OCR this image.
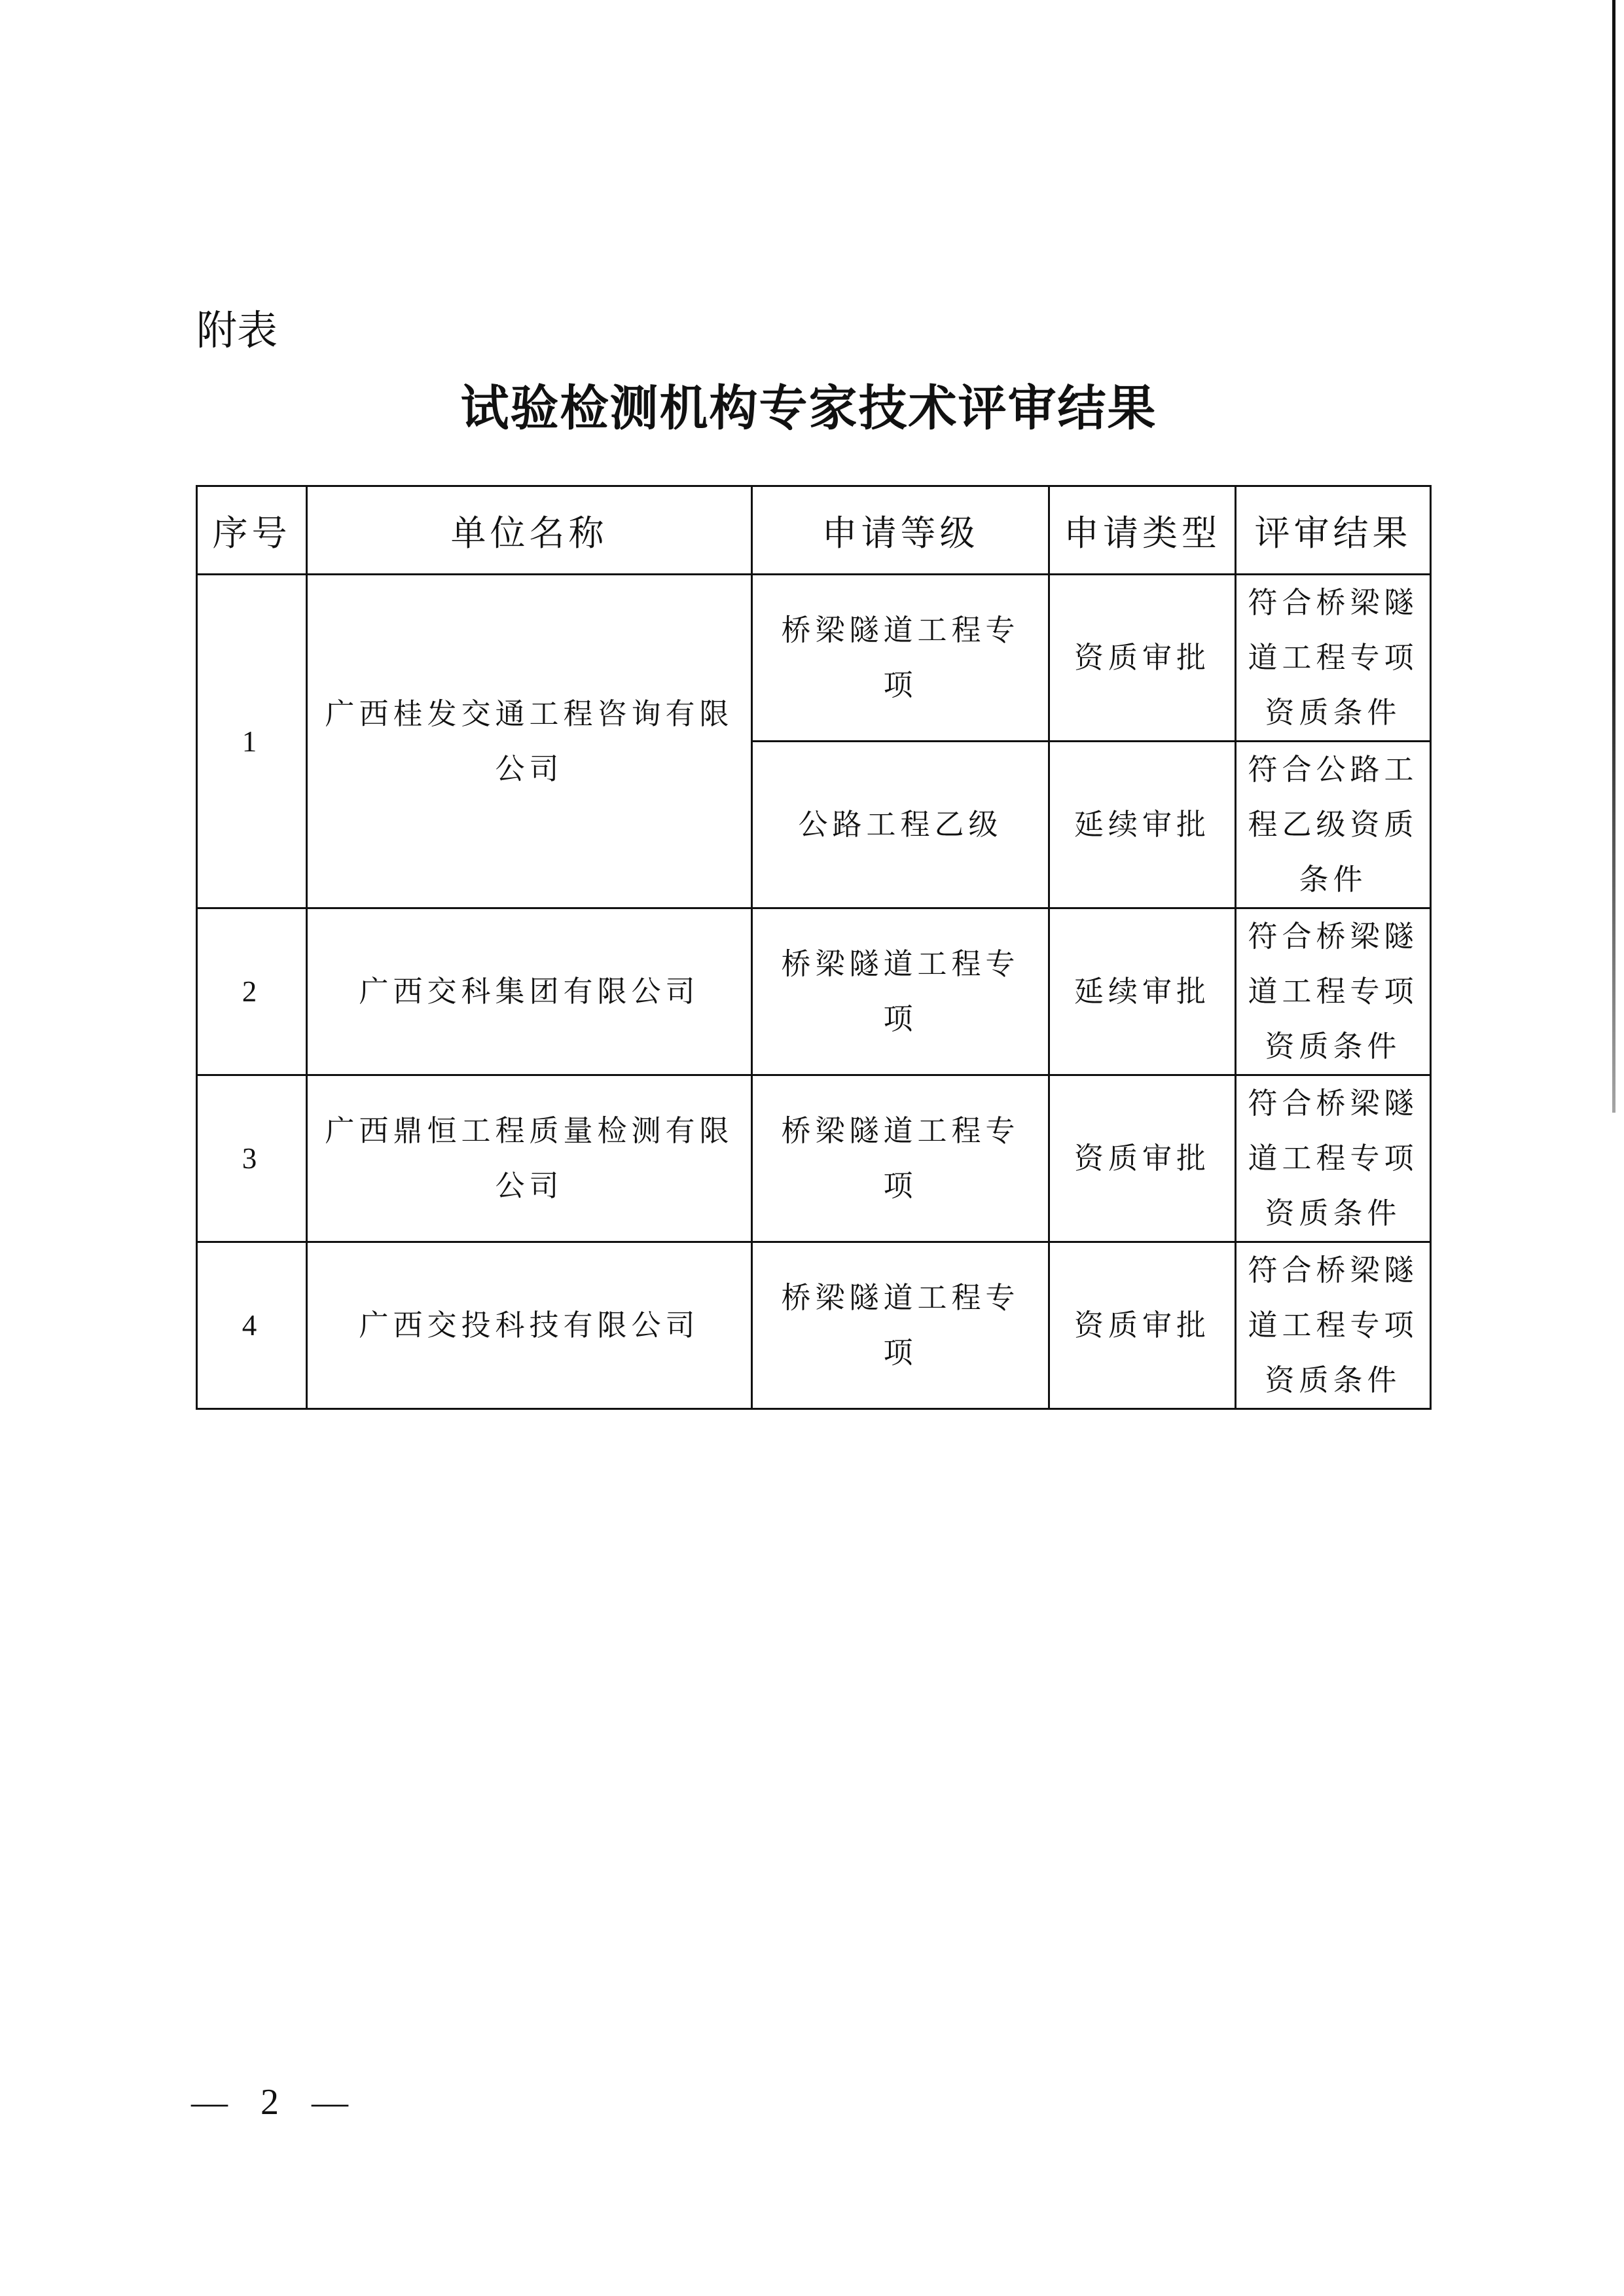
附表
试验检测机构专家技术评审结果
序号	单位名称	申请等级	申请类型	评审结果
1	广西桂发交通工程咨询有限公司	桥梁隧道工程专项	资质审批	符合桥梁隧道工程专项资质条件
		公路工程乙级	延续审批	符合公路工程乙级资质条件
2	广西交科集团有限公司	桥梁隧道工程专项	延续审批	符合桥梁隧道工程专项资质条件
3	广西鼎恒工程质量检测有限公司	桥梁隧道工程专项	资质审批	符合桥梁隧道工程专项资质条件
4	广西交投科技有限公司	桥梁隧道工程专项	资质审批	符合桥梁隧道工程专项资质条件
— 2 —
